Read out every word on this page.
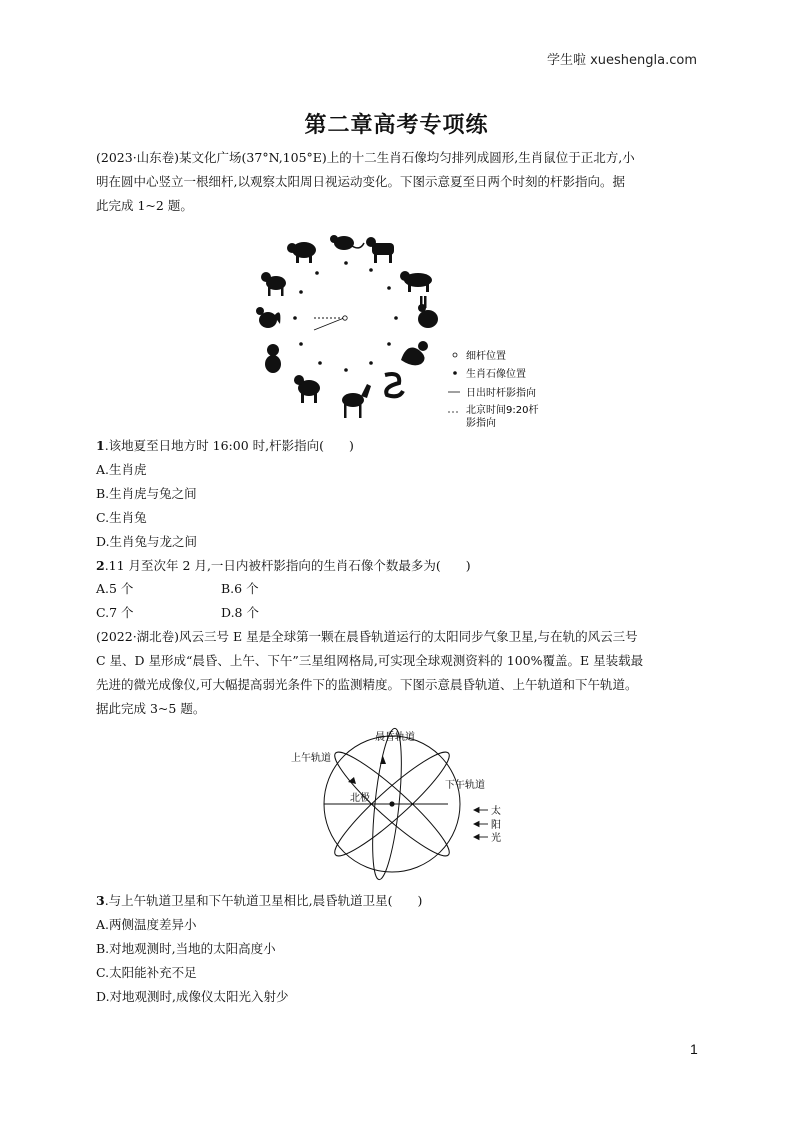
学生啦 xueshengla.com
第二章高考专项练
(2023·山东卷)某文化广场(37°N,105°E)上的十二生肖石像均匀排列成圆形,生肖鼠位于正北方,小
明在圆中心竖立一根细杆,以观察太阳周日视运动变化。下图示意夏至日两个时刻的杆影指向。据
此完成 1~2 题。
细杆位置
生肖石像位置
日出时杆影指向
北京时间9:20杆
影指向
1.该地夏至日地方时 16:00 时,杆影指向(　　)
A.生肖虎
B.生肖虎与兔之间
C.生肖兔
D.生肖兔与龙之间
2.11 月至次年 2 月,一日内被杆影指向的生肖石像个数最多为(　　)
A.5 个	B.6 个
C.7 个	D.8 个
(2022·湖北卷)风云三号 E 星是全球第一颗在晨昏轨道运行的太阳同步气象卫星,与在轨的风云三号
C 星、D 星形成“晨昏、上午、下午”三星组网格局,可实现全球观测资料的 100%覆盖。E 星装载最
先进的微光成像仪,可大幅提高弱光条件下的监测精度。下图示意晨昏轨道、上午轨道和下午轨道。
据此完成 3~5 题。
晨昏轨道
上午轨道
下午轨道
北极
太
阳
光
3.与上午轨道卫星和下午轨道卫星相比,晨昏轨道卫星(　　)
A.两侧温度差异小
B.对地观测时,当地的太阳高度小
C.太阳能补充不足
D.对地观测时,成像仪太阳光入射少
1
